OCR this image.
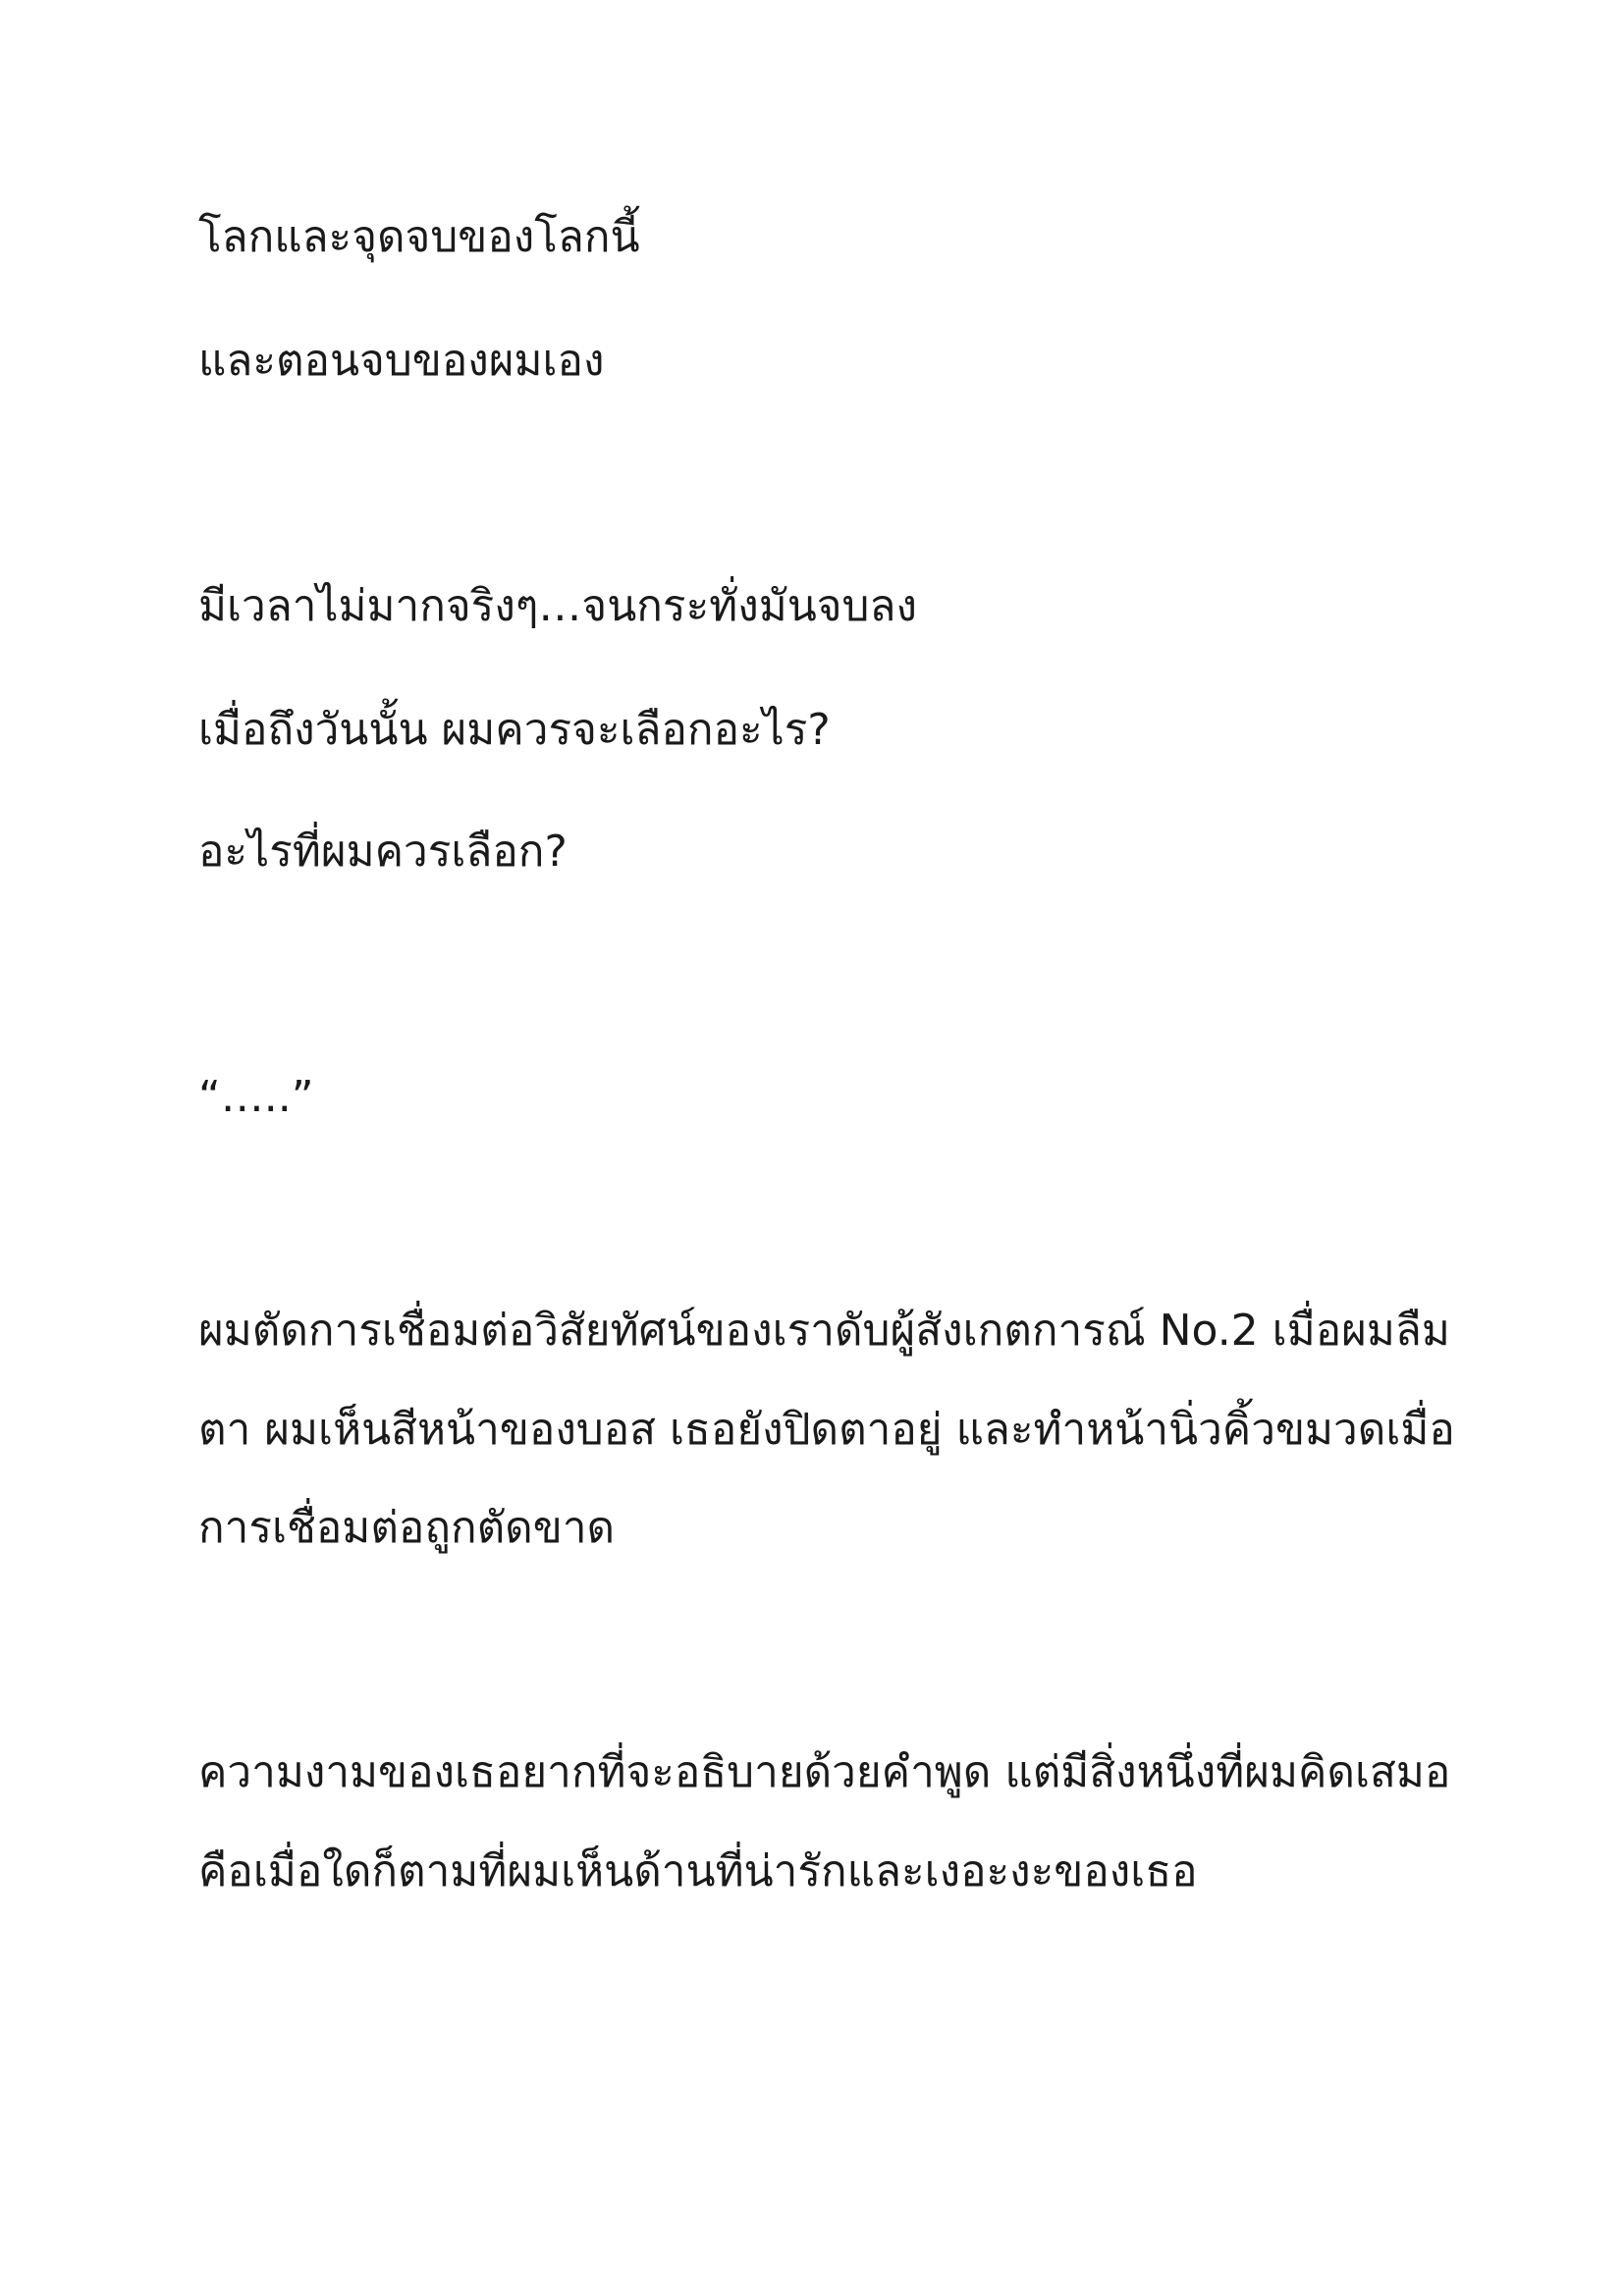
โลกและจุดจบของโลกนี้

และตอนจบของผมเอง

มีเวลาไม่มากจริงๆ…จนกระทั่งมันจบลง

เมื่อถึงวันนั้น ผมควรจะเลือกอะไร?

อะไรที่ผมควรเลือก?

“…..”

ผมตัดการเชื่อมต่อวิสัยทัศน์ของเราดับผู้สังเกตการณ์ No.2 เมื่อผมลืม

ตา ผมเห็นสีหน้าของบอส เธอยังปิดตาอยู่ และทำหน้านิ่วคิ้วขมวดเมื่อ

การเชื่อมต่อถูกตัดขาด

ความงามของเธอยากที่จะอธิบายด้วยคำพูด แต่มีสิ่งหนึ่งที่ผมคิดเสมอ

คือเมื่อใดก็ตามที่ผมเห็นด้านที่น่ารักและเงอะงะของเธอ
